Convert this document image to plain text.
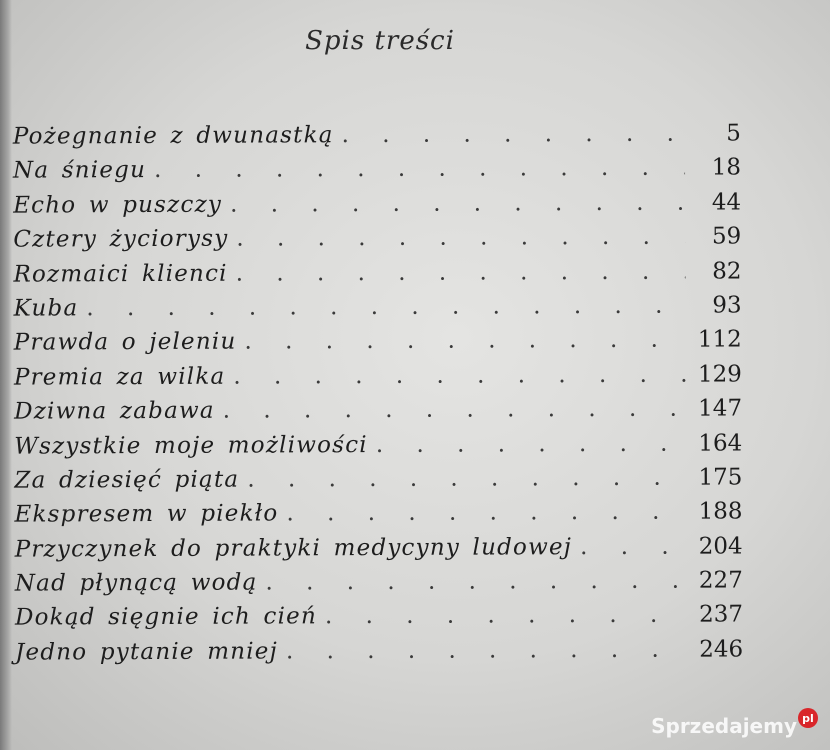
Spis treści
Pożegnanie z dwunastką . . .	5
Na śniegu . . .	18
Echo w puszczy . . .	44
Cztery życiorysy . . .	59
Rozmaici klienci . . .	82
Kuba . . .	93
Prawda o jeleniu . . .	112
Premia za wilka . . .	129
Dziwna zabawa . . .	147
Wszystkie moje możliwości . . .	164
Za dziesięć piąta . . .	175
Ekspresem w piekło . . .	188
Przyczynek do praktyki medycyny ludowej . . .	204
Nad płynącą wodą . . .	227
Dokąd sięgnie ich cień . . .	237
Jedno pytanie mniej . . .	246
Sprzedajemy pl
